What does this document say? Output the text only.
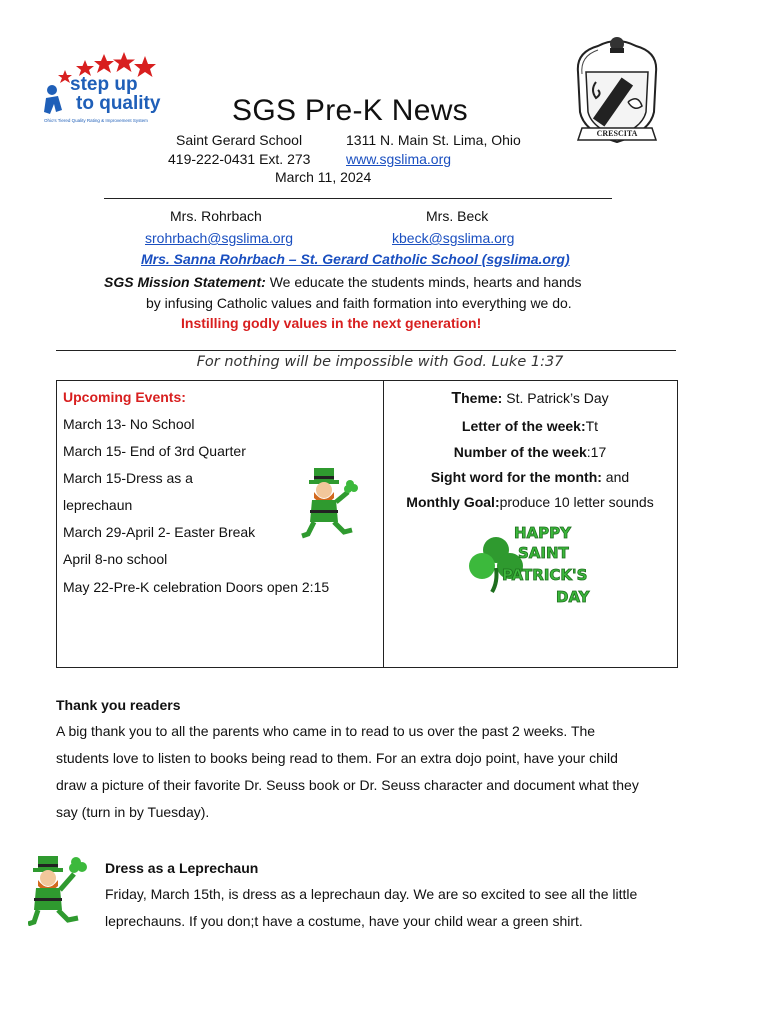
step up
to quality
Ohio's Tiered Quality Rating & Improvement System
CRESCITA
SGS Pre-K News
Saint Gerard School	1311 N. Main St. Lima, Ohio
419-222-0431 Ext. 273	www.sgslima.org
March 11, 2024
Mrs. Rohrbach	Mrs. Beck
srohrbach@sgslima.org	kbeck@sgslima.org
Mrs. Sanna Rohrbach – St. Gerard Catholic School (sgslima.org)
SGS Mission Statement: We educate the students minds, hearts and hands
by infusing Catholic values and faith formation into everything we do.
Instilling godly values in the next generation!
For nothing will be impossible with God. Luke 1:37
Upcoming Events:
March 13- No School
March 15- End of 3rd Quarter
March 15-Dress as a
leprechaun
March 29-April 2- Easter Break
April 8-no school
May 22-Pre-K celebration Doors open 2:15
Theme: St. Patrick’s Day
Letter of the week:Tt
Number of the week:17
Sight word for the month: and
Monthly Goal:produce 10 letter sounds
HAPPY
SAINT
PATRICK'S
DAY
Thank you readers
A big thank you to all the parents who came in to read to us over the past 2 weeks. The
students love to listen to books being read to them. For an extra dojo point, have your child
draw a picture of their favorite Dr. Seuss book or Dr. Seuss character and document what they
say (turn in by Tuesday).
Dress as a Leprechaun
Friday, March 15th, is dress as a leprechaun day. We are so excited to see all the little
leprechauns. If you don;t have a costume, have your child wear a green shirt.
